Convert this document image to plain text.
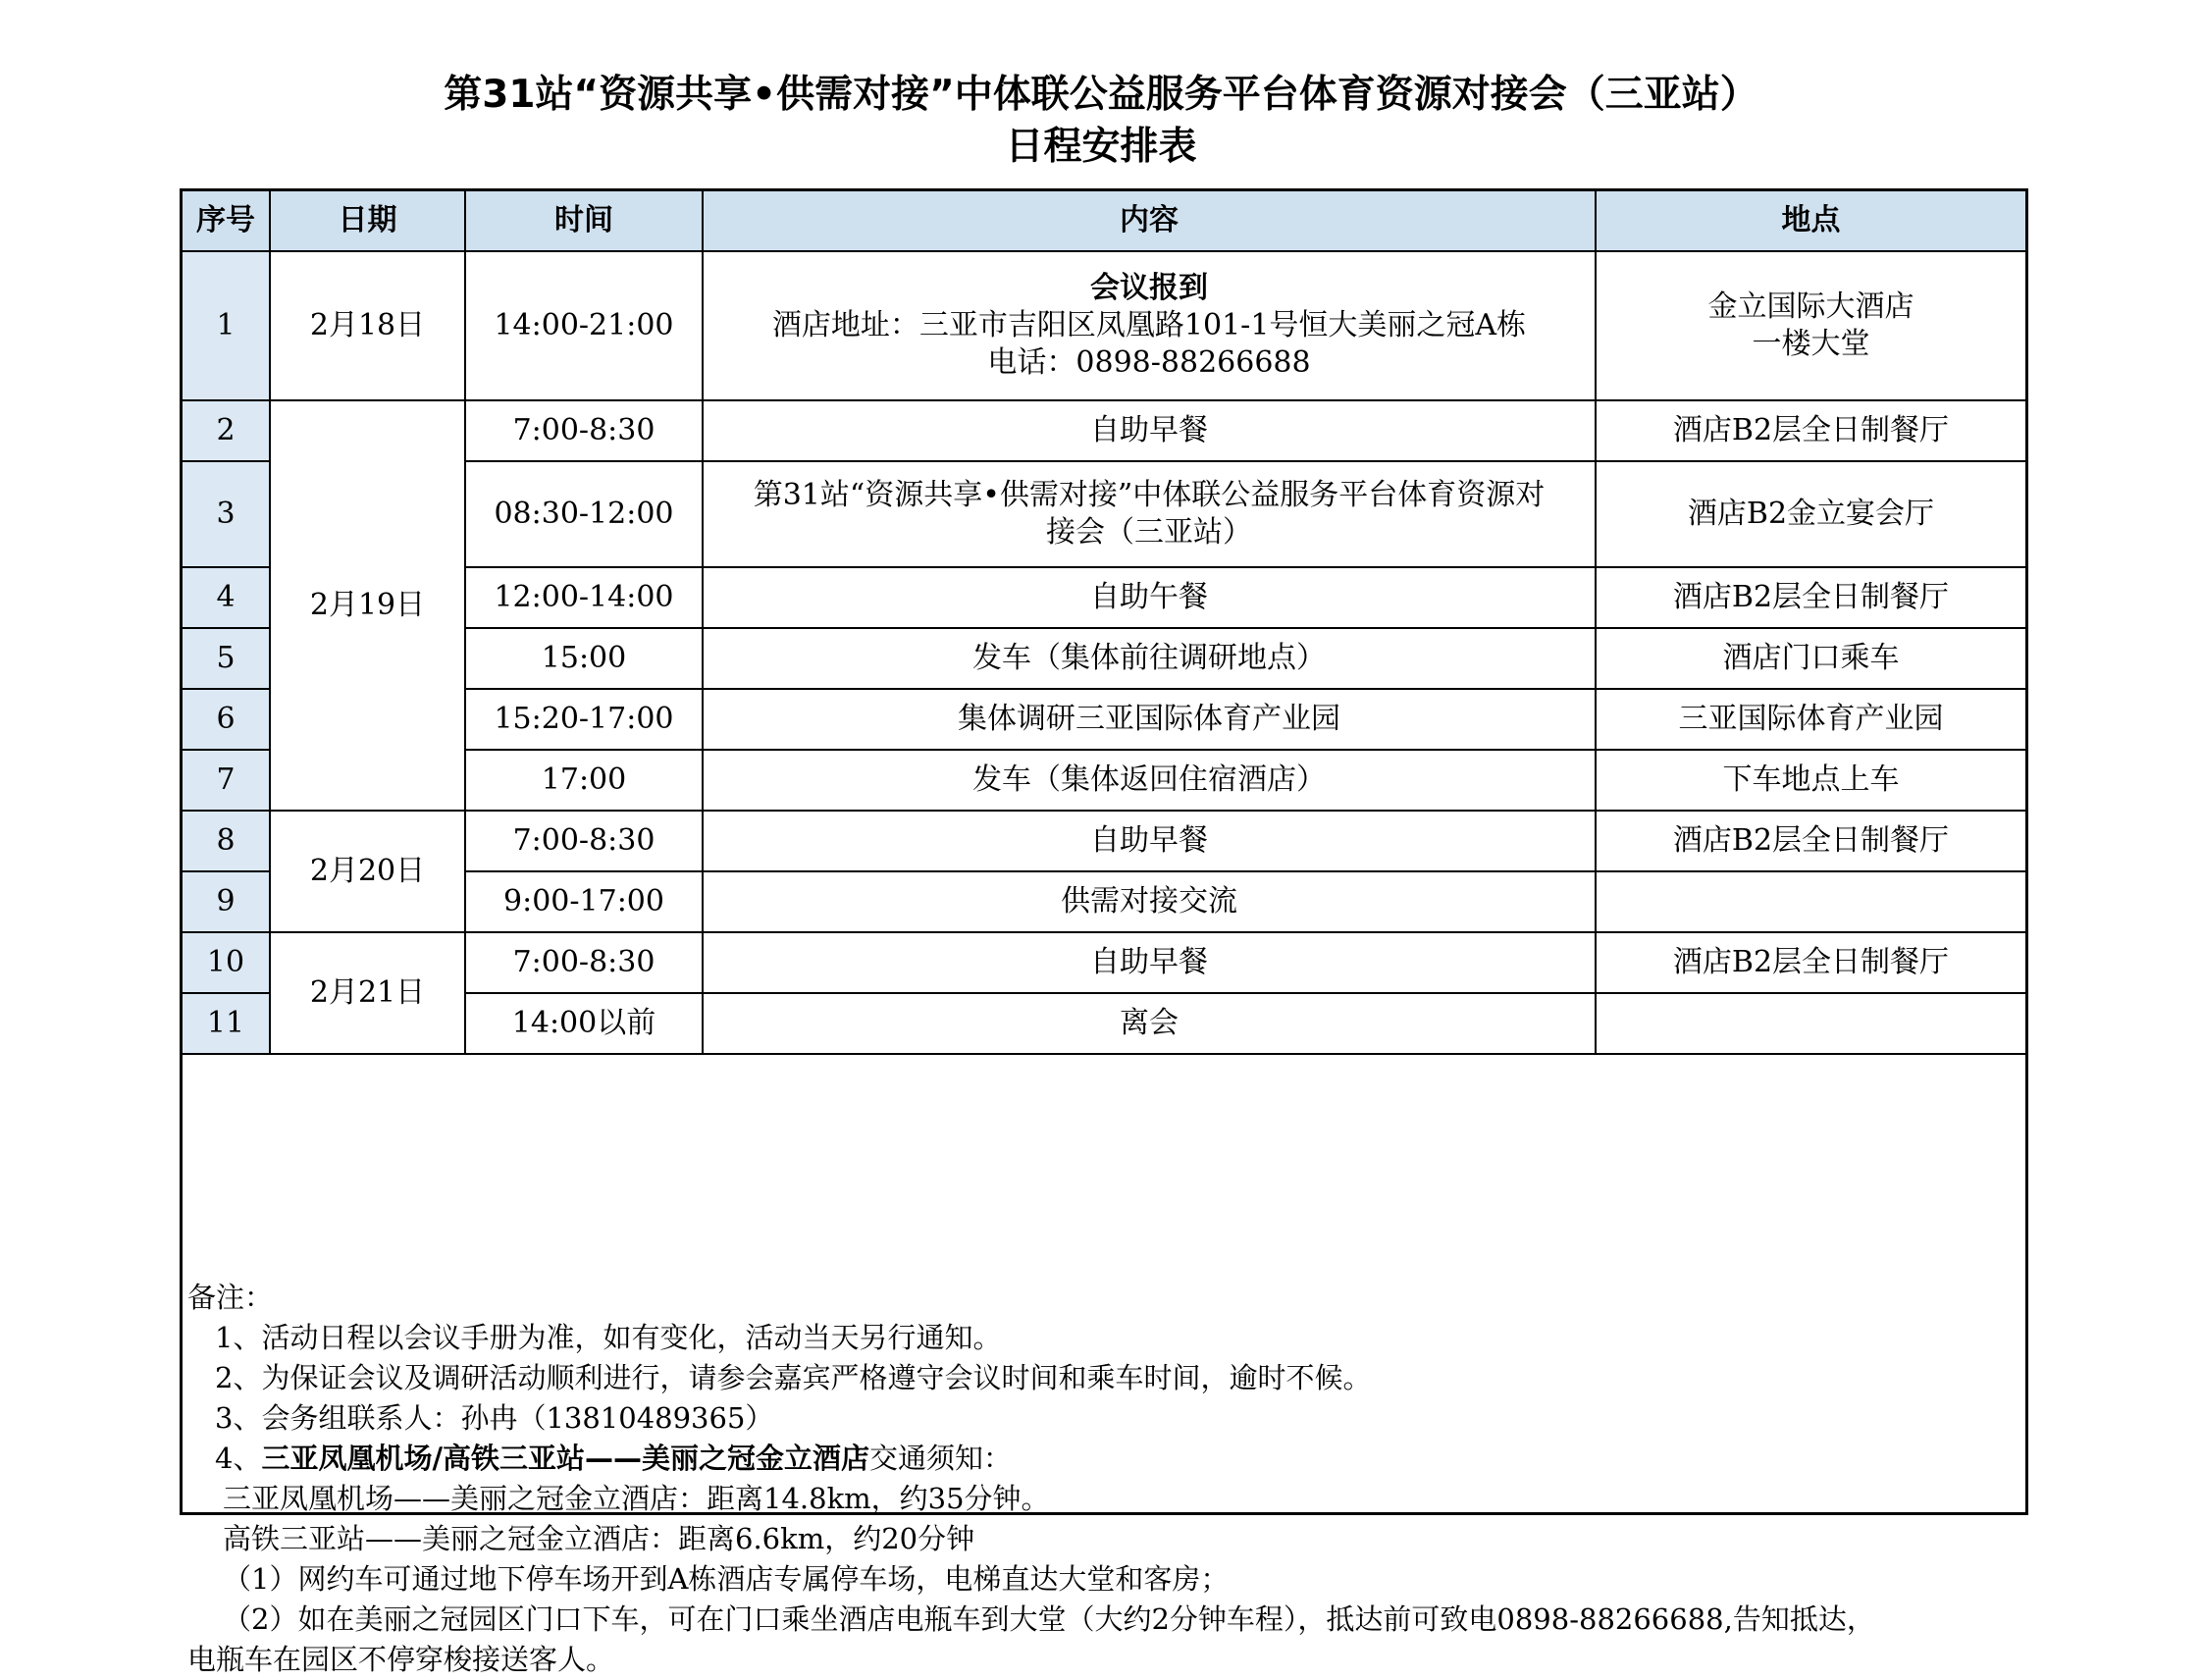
第31站“资源共享•供需对接”中体联公益服务平台体育资源对接会（三亚站）
日程安排表
序号	日期	时间	内容	地点
1	2月18日	14:00-21:00	会议报到
酒店地址：三亚市吉阳区凤凰路101-1号恒大美丽之冠A栋
电话：0898-88266688	金立国际大酒店
一楼大堂

2	2月19日	7:00-8:30	自助早餐	酒店B2层全日制餐厅
3		08:30-12:00	第31站“资源共享•供需对接”中体联公益服务平台体育资源对
接会（三亚站）	酒店B2金立宴会厅
4		12:00-14:00	自助午餐	酒店B2层全日制餐厅
5		15:00	发车（集体前往调研地点）	酒店门口乘车
6		15:20-17:00	集体调研三亚国际体育产业园	三亚国际体育产业园
7		17:00	发车（集体返回住宿酒店）	下车地点上车
8	2月20日	7:00-8:30	自助早餐	酒店B2层全日制餐厅
9		9:00-17:00	供需对接交流	
10	2月21日	7:00-8:30	自助早餐	酒店B2层全日制餐厅
11		14:00以前	离会	
备注：
1、活动日程以会议手册为准，如有变化，活动当天另行通知。
2、为保证会议及调研活动顺利进行，请参会嘉宾严格遵守会议时间和乘车时间，逾时不候。
3、会务组联系人：孙冉（13810489365）
4、三亚凤凰机场/高铁三亚站——美丽之冠金立酒店交通须知：
三亚凤凰机场——美丽之冠金立酒店：距离14.8km，约35分钟。
高铁三亚站——美丽之冠金立酒店：距离6.6km，约20分钟
（1）网约车可通过地下停车场开到A栋酒店专属停车场，电梯直达大堂和客房；
（2）如在美丽之冠园区门口下车，可在门口乘坐酒店电瓶车到大堂（大约2分钟车程），抵达前可致电0898-88266688,告知抵达，
电瓶车在园区不停穿梭接送客人。
